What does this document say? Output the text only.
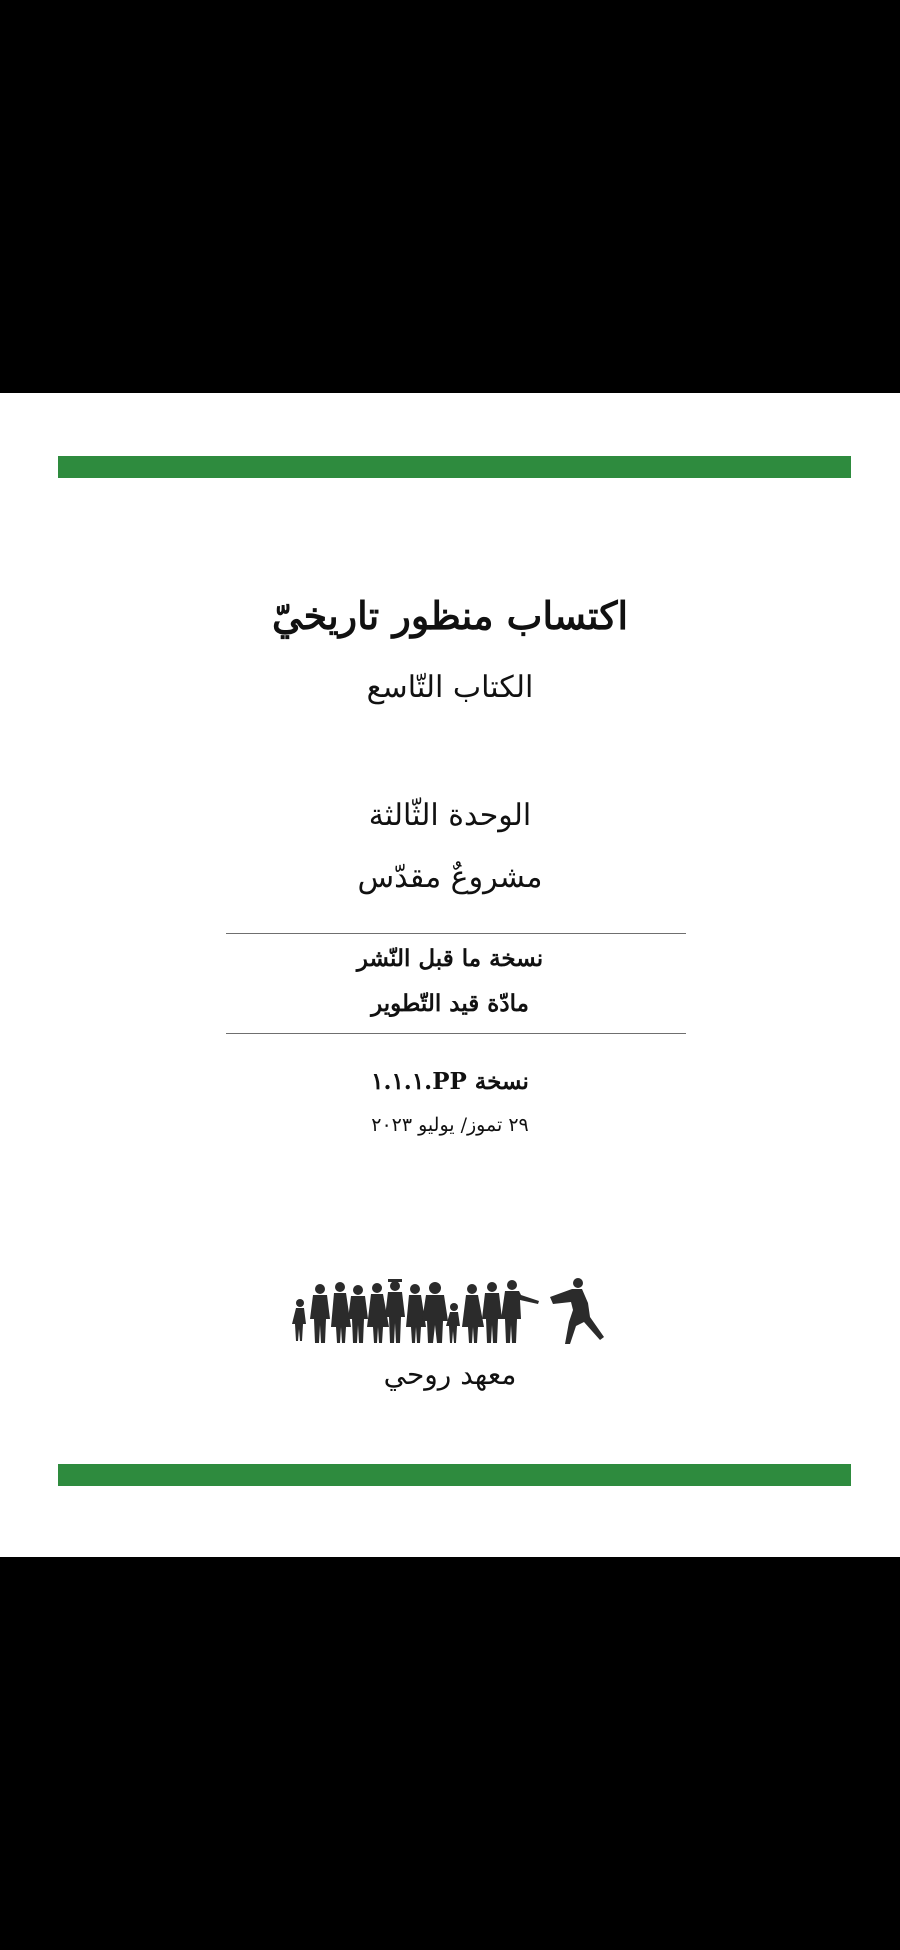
اكتساب منظور تاريخيّ
الكتاب التّاسع
الوحدة الثّالثة
مشروعٌ مقدّس
نسخة ما قبل النّشر
مادّة قيد التّطوير
نسخة PP.١.١.١
٢٩ تموز/ يوليو ٢٠٢٣
معهد روحي
